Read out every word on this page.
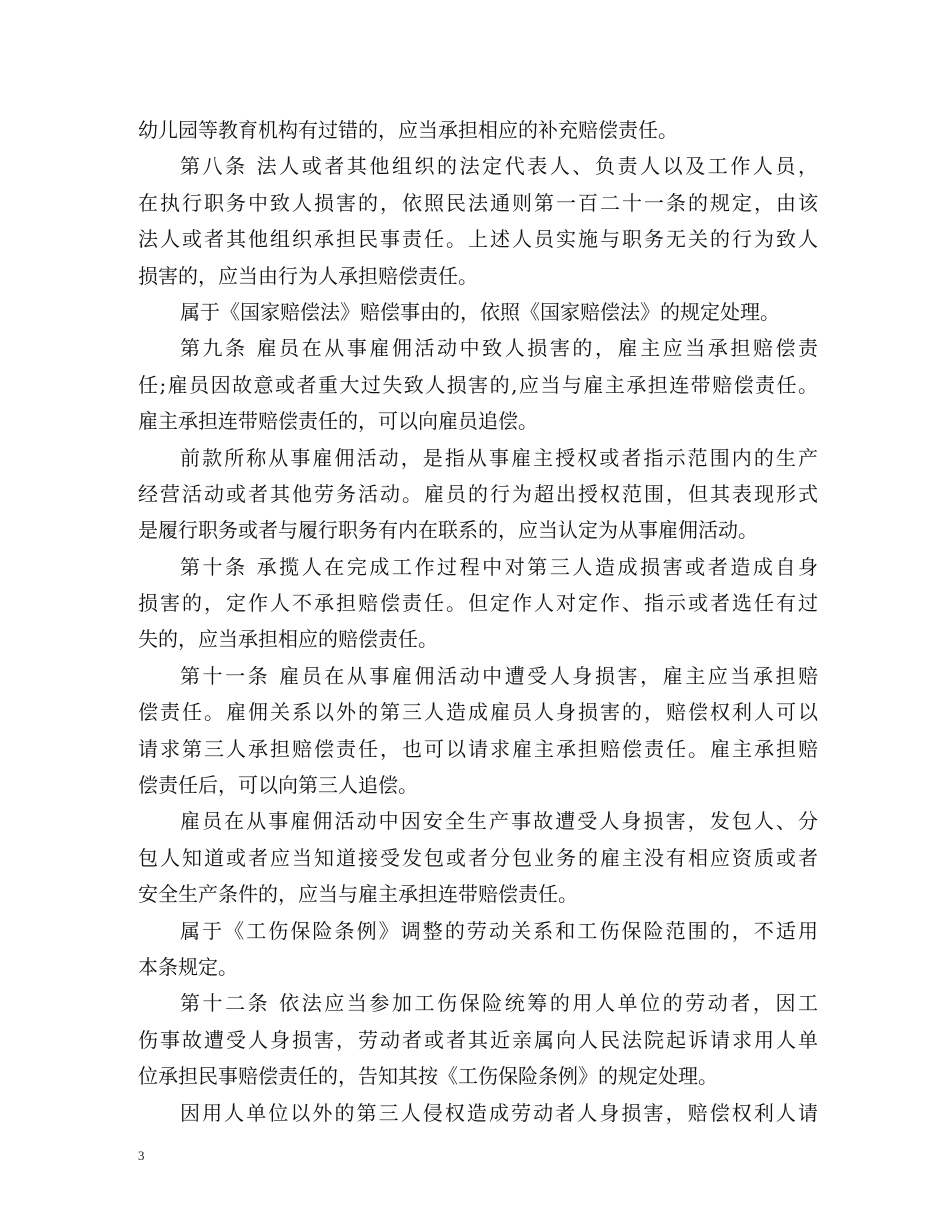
幼儿园等教育机构有过错的，应当承担相应的补充赔偿责任。
第八条 法人或者其他组织的法定代表人、负责人以及工作人员，
在执行职务中致人损害的，依照民法通则第一百二十一条的规定，由该
法人或者其他组织承担民事责任。上述人员实施与职务无关的行为致人
损害的，应当由行为人承担赔偿责任。
属于《国家赔偿法》赔偿事由的，依照《国家赔偿法》的规定处理。
第九条 雇员在从事雇佣活动中致人损害的，雇主应当承担赔偿责
任;雇员因故意或者重大过失致人损害的,应当与雇主承担连带赔偿责任。
雇主承担连带赔偿责任的，可以向雇员追偿。
前款所称从事雇佣活动，是指从事雇主授权或者指示范围内的生产
经营活动或者其他劳务活动。雇员的行为超出授权范围，但其表现形式
是履行职务或者与履行职务有内在联系的，应当认定为从事雇佣活动。
第十条 承揽人在完成工作过程中对第三人造成损害或者造成自身
损害的，定作人不承担赔偿责任。但定作人对定作、指示或者选任有过
失的，应当承担相应的赔偿责任。
第十一条 雇员在从事雇佣活动中遭受人身损害，雇主应当承担赔
偿责任。雇佣关系以外的第三人造成雇员人身损害的，赔偿权利人可以
请求第三人承担赔偿责任，也可以请求雇主承担赔偿责任。雇主承担赔
偿责任后，可以向第三人追偿。
雇员在从事雇佣活动中因安全生产事故遭受人身损害，发包人、分
包人知道或者应当知道接受发包或者分包业务的雇主没有相应资质或者
安全生产条件的，应当与雇主承担连带赔偿责任。
属于《工伤保险条例》调整的劳动关系和工伤保险范围的，不适用
本条规定。
第十二条 依法应当参加工伤保险统筹的用人单位的劳动者，因工
伤事故遭受人身损害，劳动者或者其近亲属向人民法院起诉请求用人单
位承担民事赔偿责任的，告知其按《工伤保险条例》的规定处理。
因用人单位以外的第三人侵权造成劳动者人身损害，赔偿权利人请
3
